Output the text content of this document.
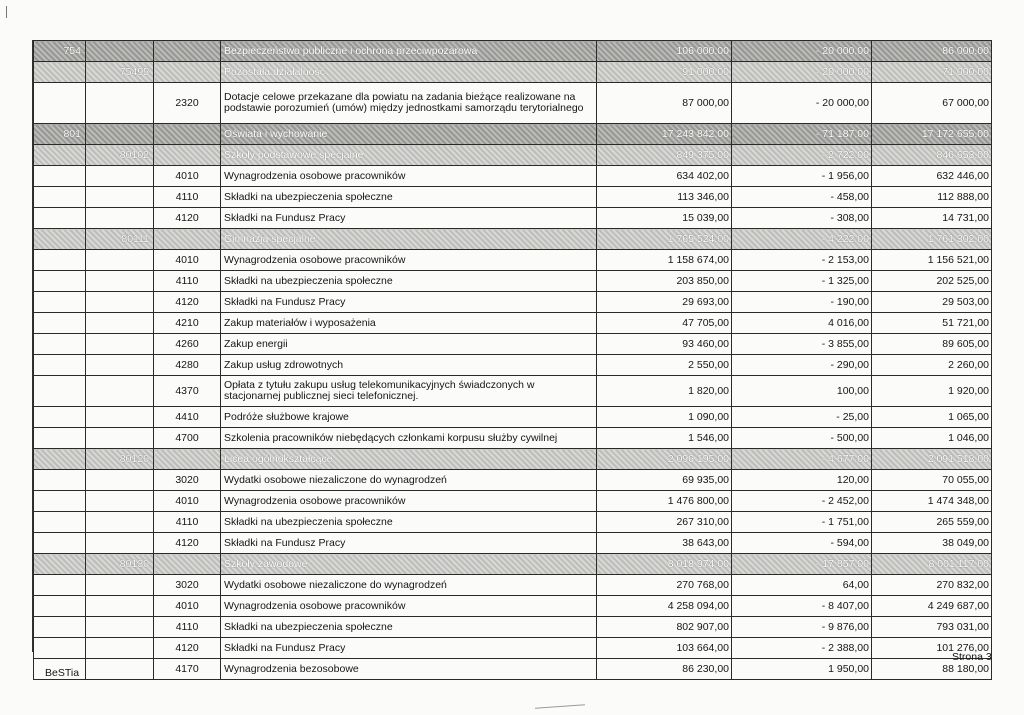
754			Bezpieczeństwo publiczne i ochrona przeciwpożarowa	106 000,00	- 20 000,00	86 000,00
	75495		Pozostała działalność	91 000,00	- 20 000,00	71 000,00
		2320	Dotacje celowe przekazane dla powiatu na zadania bieżące realizowane na podstawie porozumień (umów) między jednostkami samorządu terytorialnego	87 000,00	- 20 000,00	67 000,00
801			Oświata i wychowanie	17 243 842,00	- 71 187,00	17 172 655,00
	80102		Szkoły podstawowe specjalne	849 375,00	- 2 722,00	846 653,00
		4010	Wynagrodzenia osobowe pracowników	634 402,00	- 1 956,00	632 446,00
		4110	Składki na ubezpieczenia społeczne	113 346,00	- 458,00	112 888,00
		4120	Składki na Fundusz Pracy	15 039,00	- 308,00	14 731,00
	80111		Gimnazja specjalne	1 765 524,00	- 4 222,00	1 761 302,00
		4010	Wynagrodzenia osobowe pracowników	1 158 674,00	- 2 153,00	1 156 521,00
		4110	Składki na ubezpieczenia społeczne	203 850,00	- 1 325,00	202 525,00
		4120	Składki na Fundusz Pracy	29 693,00	- 190,00	29 503,00
		4210	Zakup materiałów i wyposażenia	47 705,00	4 016,00	51 721,00
		4260	Zakup energii	93 460,00	- 3 855,00	89 605,00
		4280	Zakup usług zdrowotnych	2 550,00	- 290,00	2 260,00
		4370	Opłata z tytułu zakupu usług telekomunikacyjnych świadczonych w stacjonarnej publicznej sieci telefonicznej.	1 820,00	100,00	1 920,00
		4410	Podróże służbowe krajowe	1 090,00	- 25,00	1 065,00
		4700	Szkolenia pracowników niebędących członkami korpusu służby cywilnej	1 546,00	- 500,00	1 046,00
	80120		Licea ogólnokształcące	2 096 195,00	- 4 677,00	2 091 518,00
		3020	Wydatki osobowe niezaliczone do wynagrodzeń	69 935,00	120,00	70 055,00
		4010	Wynagrodzenia osobowe pracowników	1 476 800,00	- 2 452,00	1 474 348,00
		4110	Składki na ubezpieczenia społeczne	267 310,00	- 1 751,00	265 559,00
		4120	Składki na Fundusz Pracy	38 643,00	- 594,00	38 049,00
	80130		Szkoły zawodowe	8 018 974,00	- 17 857,00	8 001 117,00
		3020	Wydatki osobowe niezaliczone do wynagrodzeń	270 768,00	64,00	270 832,00
		4010	Wynagrodzenia osobowe pracowników	4 258 094,00	- 8 407,00	4 249 687,00
		4110	Składki na ubezpieczenia społeczne	802 907,00	- 9 876,00	793 031,00
		4120	Składki na Fundusz Pracy	103 664,00	- 2 388,00	101 276,00
		4170	Wynagrodzenia bezosobowe	86 230,00	1 950,00	88 180,00
BeSTia
Strona 3
